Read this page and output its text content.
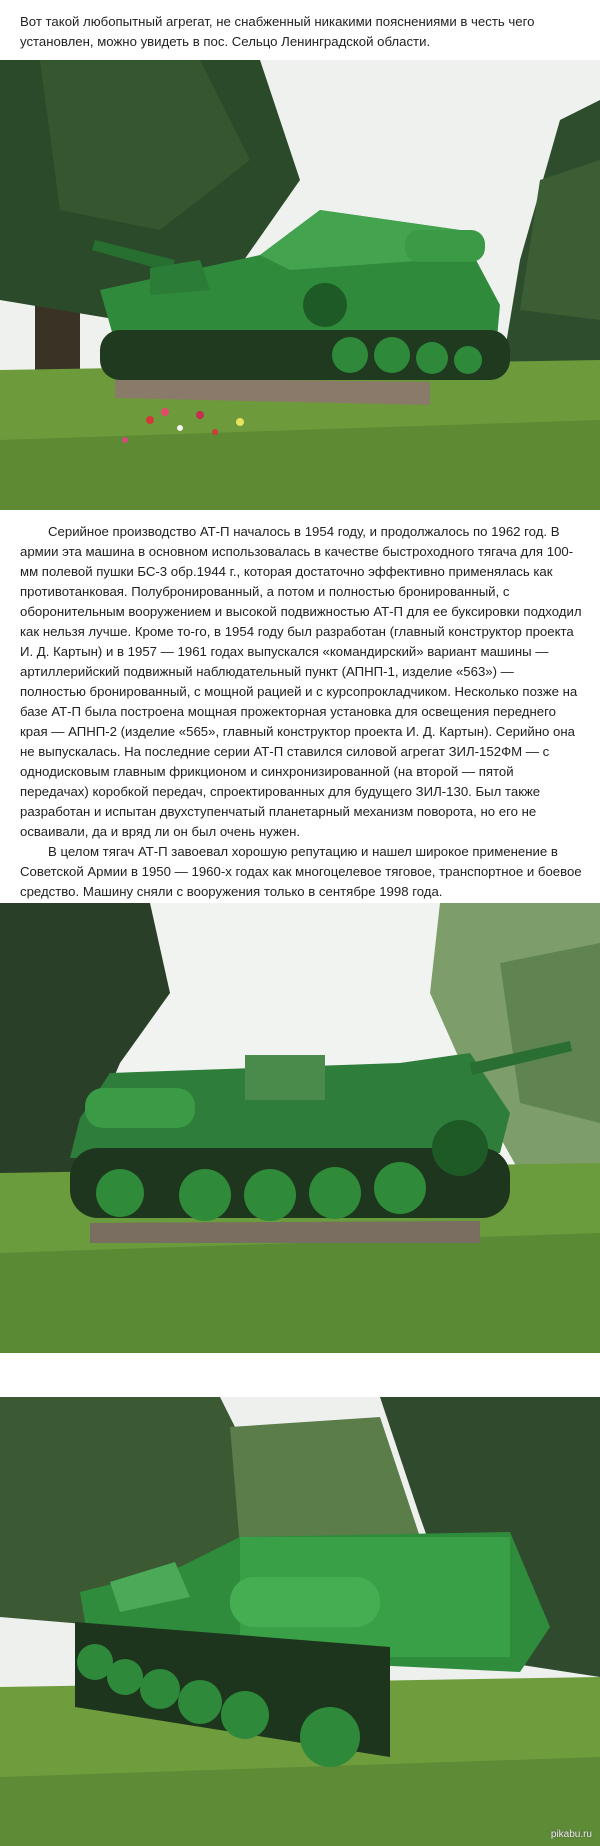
Вот такой любопытный агрегат, не снабженный никакими пояснениями в честь чего установлен, можно увидеть в пос. Сельцо Ленинградской области.

Серийное производство АТ-П началось в 1954 году, и продолжалось по 1962 год. В армии эта машина в основном использовалась в качестве быстроходного тягача для 100-мм полевой пушки БС-3 обр.1944 г., которая достаточно эффективно применялась как противотанковая. Полубронированный, а потом и полностью бронированный, с оборонительным вооружением и высокой подвижностью АТ-П для ее буксировки подходил как нельзя лучше. Кроме то-го, в 1954 году был разработан (главный конструктор проекта И. Д. Картын) и в 1957 — 1961 годах выпускался «командирский» вариант машины — артиллерийский подвижный наблюдательный пункт (АПНП-1, изделие «563») — полностью бронированный, с мощной рацией и с курсопрокладчиком. Несколько позже на базе АТ-П была построена мощная прожекторная установка для освещения переднего края — АПНП-2 (изделие «565», главный конструктор проекта И. Д. Картын). Серийно она не выпускалась. На последние серии АТ-П ставился силовой агрегат ЗИЛ-152ФМ — с однодисковым главным фрикционом и синхронизированной (на второй — пятой передачах) коробкой передач, спроектированных для будущего ЗИЛ-130. Был также разработан и испытан двухступенчатый планетарный механизм поворота, но его не осваивали, да и вряд ли он был очень нужен.

В целом тягач АТ-П завоевал хорошую репутацию и нашел широкое применение в Советской Армии в 1950 — 1960-х годах как многоцелевое тяговое, транспортное и боевое средство. Машину сняли с вооружения только в сентябре 1998 года.

pikabu.ru
